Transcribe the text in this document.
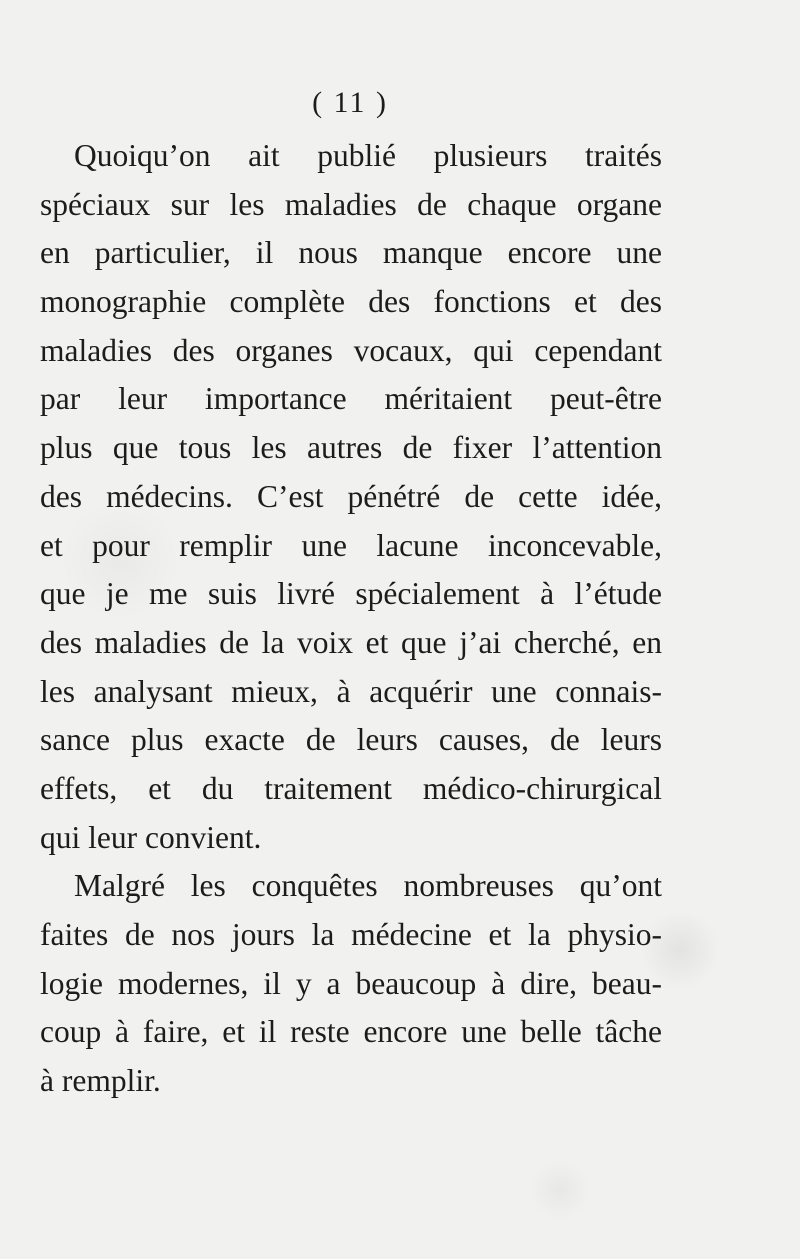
( 11 )
Quoiqu’on ait publié plusieurs traités
spéciaux sur les maladies de chaque organe
en particulier, il nous manque encore une
monographie complète des fonctions et des
maladies des organes vocaux, qui cependant
par leur importance méritaient peut-être
plus que tous les autres de fixer l’attention
des médecins. C’est pénétré de cette idée,
et pour remplir une lacune inconcevable,
que je me suis livré spécialement à l’étude
des maladies de la voix et que j’ai cherché, en
les analysant mieux, à acquérir une connais-
sance plus exacte de leurs causes, de leurs
effets, et du traitement médico-chirurgical
qui leur convient.
Malgré les conquêtes nombreuses qu’ont
faites de nos jours la médecine et la physio-
logie modernes, il y a beaucoup à dire, beau-
coup à faire, et il reste encore une belle tâche
à remplir.
